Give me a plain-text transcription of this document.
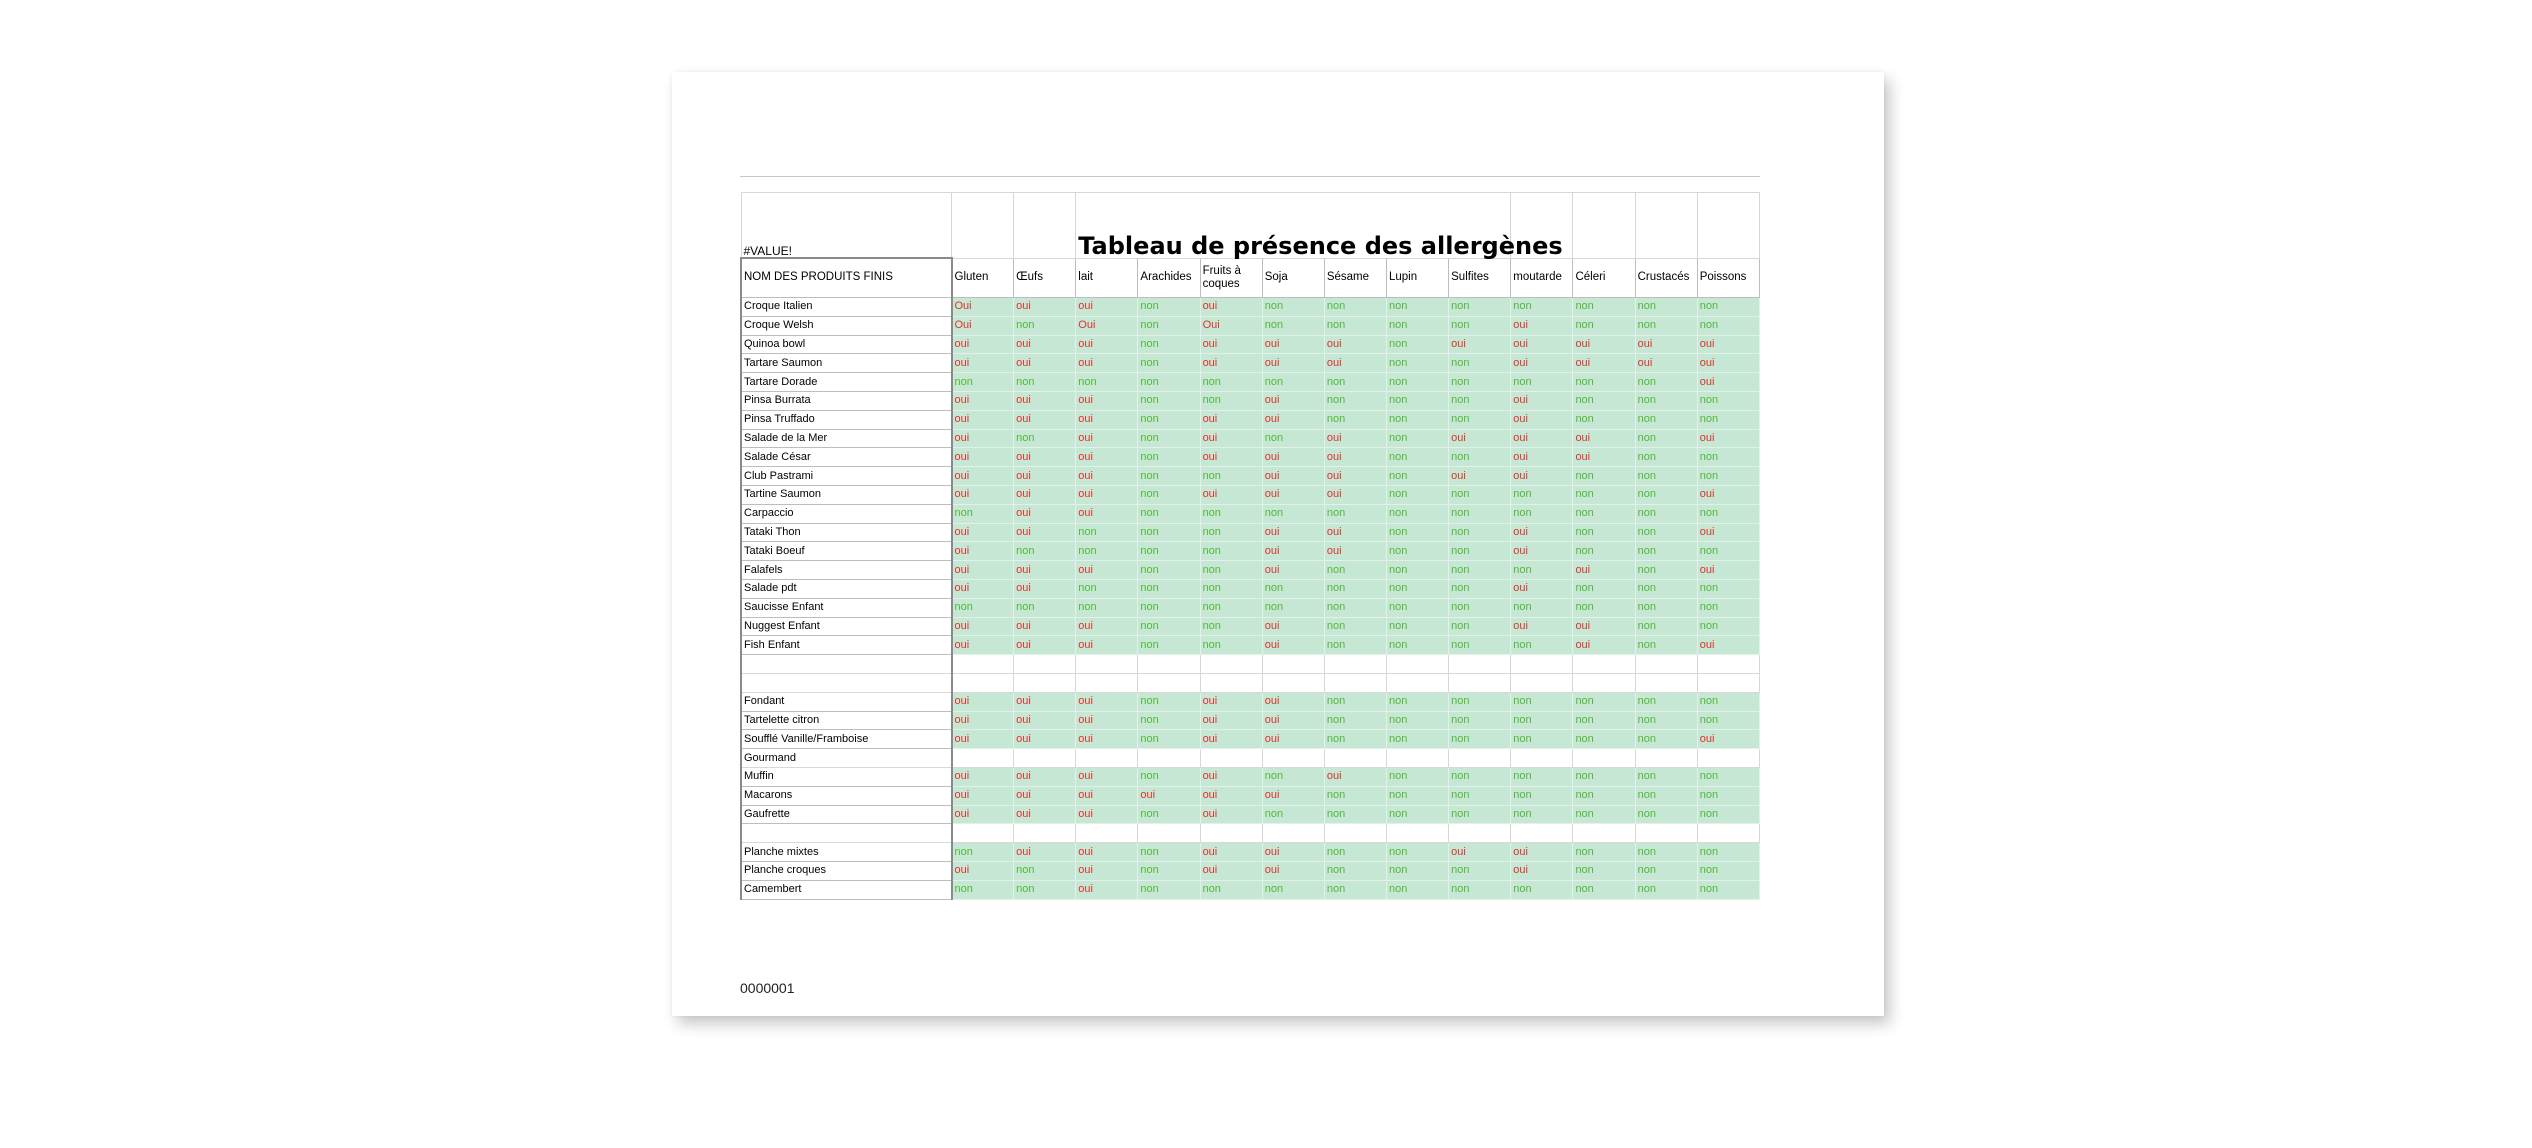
#VALUE!			Tableau de présence des allergènes										
NOM DES PRODUITS FINIS	Gluten	Œufs	lait	Arachides	Fruits à coques	Soja	Sésame	Lupin	Sulfites	moutarde	Céleri	Crustacés	Poissons
Croque Italien	Oui	oui	oui	non	oui	non	non	non	non	non	non	non	non
Croque Welsh	Oui	non	Oui	non	Oui	non	non	non	non	oui	non	non	non
Quinoa bowl	oui	oui	oui	non	oui	oui	oui	non	oui	oui	oui	oui	oui
Tartare Saumon	oui	oui	oui	non	oui	oui	oui	non	non	oui	oui	oui	oui
Tartare Dorade	non	non	non	non	non	non	non	non	non	non	non	non	oui
Pinsa Burrata	oui	oui	oui	non	non	oui	non	non	non	oui	non	non	non
Pinsa Truffado	oui	oui	oui	non	oui	oui	non	non	non	oui	non	non	non
Salade de la Mer	oui	non	oui	non	oui	non	oui	non	oui	oui	oui	non	oui
Salade César	oui	oui	oui	non	oui	oui	oui	non	non	oui	oui	non	non
Club Pastrami	oui	oui	oui	non	non	oui	oui	non	oui	oui	non	non	non
Tartine Saumon	oui	oui	oui	non	oui	oui	oui	non	non	non	non	non	oui
Carpaccio	non	oui	oui	non	non	non	non	non	non	non	non	non	non
Tataki Thon	oui	oui	non	non	non	oui	oui	non	non	oui	non	non	oui
Tataki Boeuf	oui	non	non	non	non	oui	oui	non	non	oui	non	non	non
Falafels	oui	oui	oui	non	non	oui	non	non	non	non	oui	non	oui
Salade pdt	oui	oui	non	non	non	non	non	non	non	oui	non	non	non
Saucisse Enfant	non	non	non	non	non	non	non	non	non	non	non	non	non
Nuggest Enfant	oui	oui	oui	non	non	oui	non	non	non	oui	oui	non	non
Fish Enfant	oui	oui	oui	non	non	oui	non	non	non	non	oui	non	oui

Fondant	oui	oui	oui	non	oui	oui	non	non	non	non	non	non	non
Tartelette citron	oui	oui	oui	non	oui	oui	non	non	non	non	non	non	non
Soufflé Vanille/Framboise	oui	oui	oui	non	oui	oui	non	non	non	non	non	non	oui
Gourmand													
Muffin	oui	oui	oui	non	oui	non	oui	non	non	non	non	non	non
Macarons	oui	oui	oui	oui	oui	oui	non	non	non	non	non	non	non
Gaufrette	oui	oui	oui	non	oui	non	non	non	non	non	non	non	non

Planche mixtes	non	oui	oui	non	oui	oui	non	non	oui	oui	non	non	non
Planche croques	oui	non	oui	non	oui	oui	non	non	non	oui	non	non	non
Camembert	non	non	oui	non	non	non	non	non	non	non	non	non	non
0000001
